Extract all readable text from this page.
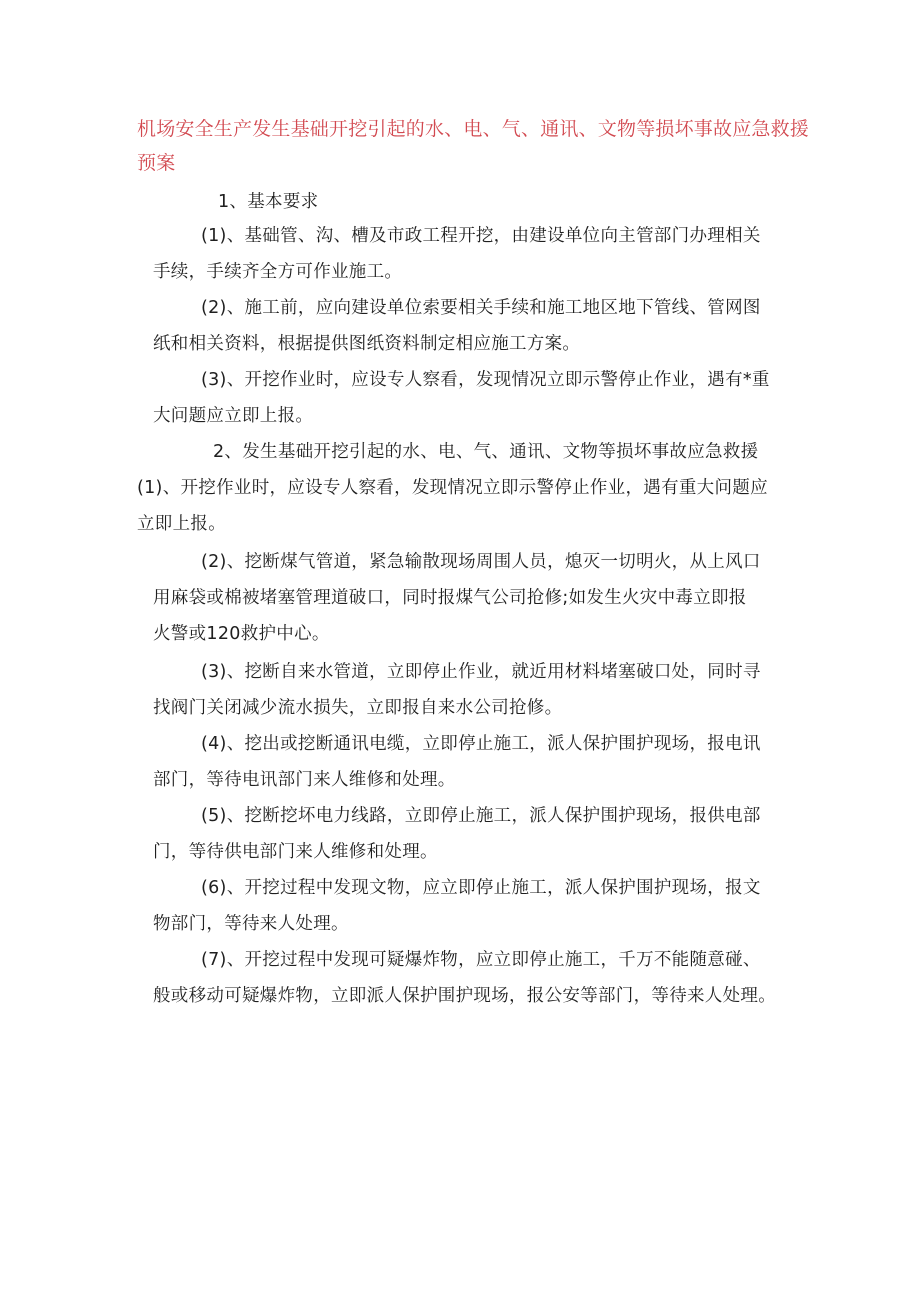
机场安全生产发生基础开挖引起的水、电、气、通讯、文物等损坏事故应急救援
预案
1、基本要求
(1)、基础管、沟、槽及市政工程开挖，由建设单位向主管部门办理相关
手续，手续齐全方可作业施工。
(2)、施工前，应向建设单位索要相关手续和施工地区地下管线、管网图
纸和相关资料，根据提供图纸资料制定相应施工方案。
(3)、开挖作业时，应设专人察看，发现情况立即示警停止作业，遇有*重
大问题应立即上报。
2、发生基础开挖引起的水、电、气、通讯、文物等损坏事故应急救援
(1)、开挖作业时，应设专人察看，发现情况立即示警停止作业，遇有重大问题应
立即上报。
(2)、挖断煤气管道，紧急输散现场周围人员，熄灭一切明火，从上风口
用麻袋或棉被堵塞管理道破口，同时报煤气公司抢修;如发生火灾中毒立即报
火警或120救护中心。
(3)、挖断自来水管道，立即停止作业，就近用材料堵塞破口处，同时寻
找阀门关闭减少流水损失，立即报自来水公司抢修。
(4)、挖出或挖断通讯电缆，立即停止施工，派人保护围护现场，报电讯
部门，等待电讯部门来人维修和处理。
(5)、挖断挖坏电力线路，立即停止施工，派人保护围护现场，报供电部
门，等待供电部门来人维修和处理。
(6)、开挖过程中发现文物，应立即停止施工，派人保护围护现场，报文
物部门，等待来人处理。
(7)、开挖过程中发现可疑爆炸物，应立即停止施工，千万不能随意碰、
般或移动可疑爆炸物，立即派人保护围护现场，报公安等部门，等待来人处理。
